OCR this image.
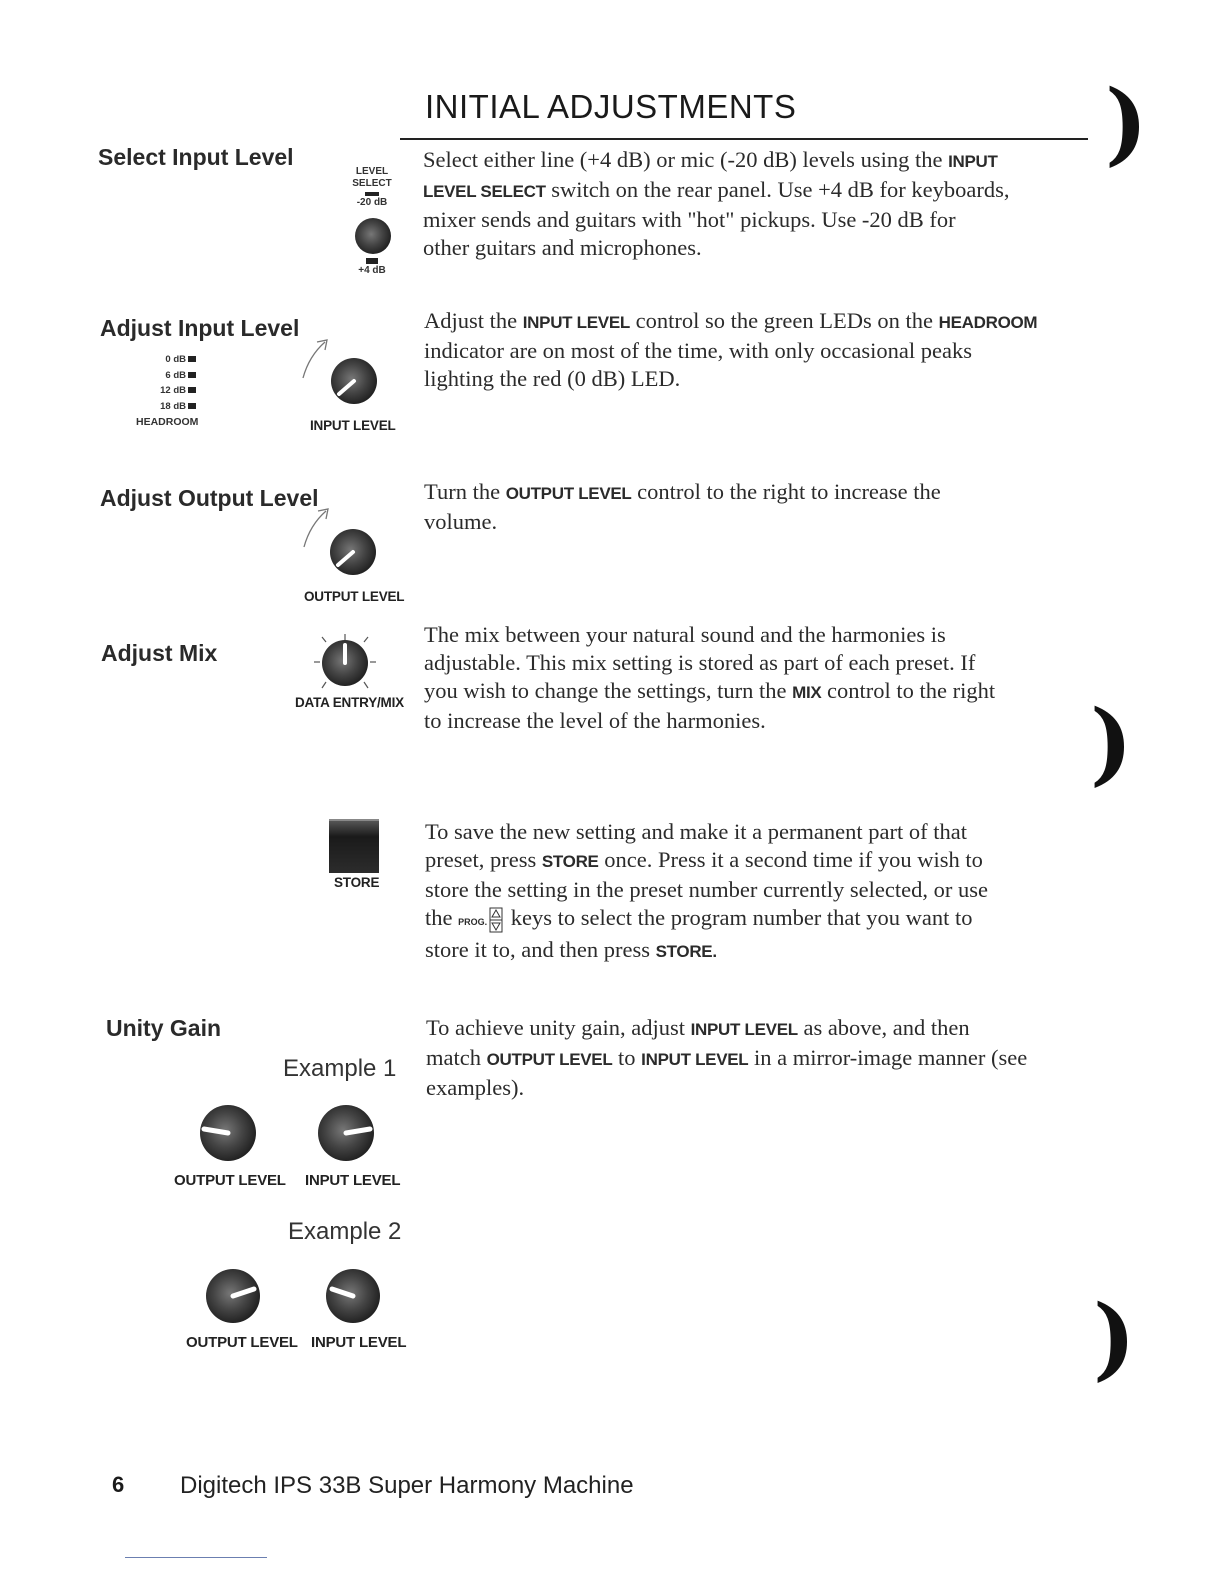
INITIAL ADJUSTMENTS	)
)
)
Select Input Level
LEVEL
SELECT
-20 dB
+4 dB
Select either line (+4 dB) or mic (-20 dB) levels using the INPUT
LEVEL SELECT switch on the rear panel. Use +4 dB for keyboards,
mixer sends and guitars with "hot" pickups. Use -20 dB for
other guitars and microphones.
Adjust Input Level
0 dB
6 dB
12 dB
18 dB
HEADROOM	INPUT LEVEL
Adjust the INPUT LEVEL control so the green LEDs on the HEADROOM
indicator are on most of the time, with only occasional peaks
lighting the red (0 dB) LED.
Adjust Output Level
OUTPUT LEVEL
Turn the OUTPUT LEVEL control to the right to increase the
volume.
Adjust Mix
DATA ENTRY/MIX
The mix between your natural sound and the harmonies is
adjustable. This mix setting is stored as part of each preset. If
you wish to change the settings, turn the MIX control to the right
to increase the level of the harmonies.
STORE
To save the new setting and make it a permanent part of that
preset, press STORE once. Press it a second time if you wish to
store the setting in the preset number currently selected, or use
the PROG. keys to select the program number that you want to
store it to, and then press STORE.
Unity Gain
Example 1
OUTPUT LEVEL INPUT LEVEL
Example 2
OUTPUT LEVEL INPUT LEVEL
To achieve unity gain, adjust INPUT LEVEL as above, and then
match OUTPUT LEVEL to INPUT LEVEL in a mirror-image manner (see
examples).
6 Digitech IPS 33B Super Harmony Machine
